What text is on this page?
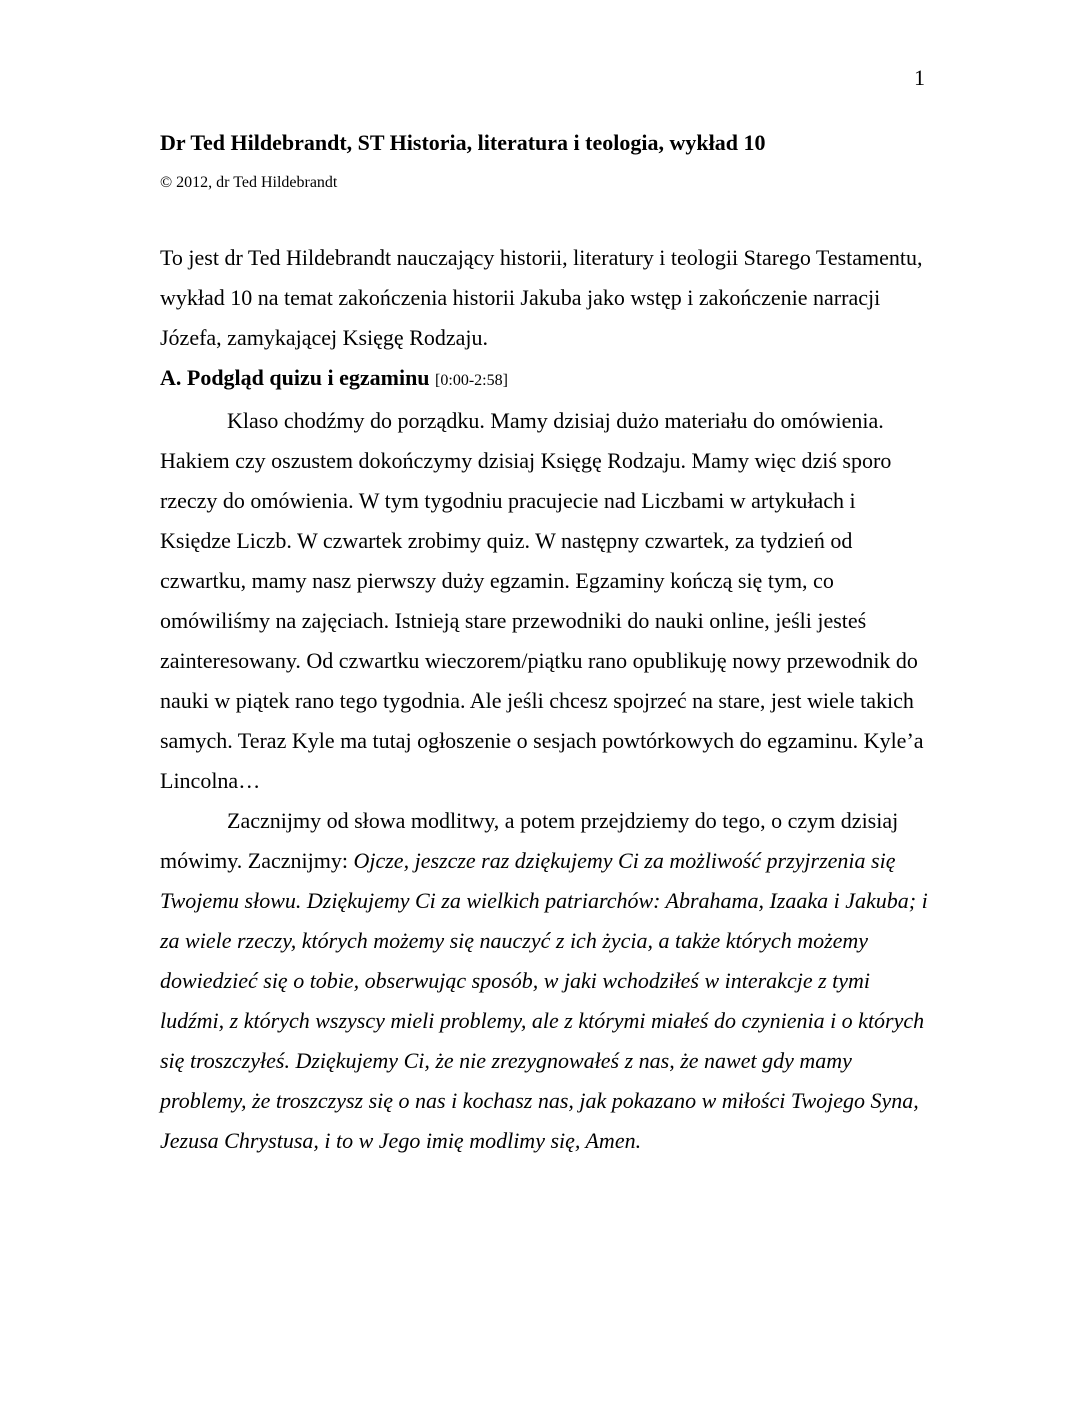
1
Dr Ted Hildebrandt, ST Historia, literatura i teologia, wykład 10
© 2012, dr Ted Hildebrandt

To jest dr Ted Hildebrandt nauczający historii, literatury i teologii Starego Testamentu, wykład 10 na temat zakończenia historii Jakuba jako wstęp i zakończenie narracji Józefa, zamykającej Księgę Rodzaju.

A. Podgląd quizu i egzaminu [0:00-2:58]

Klaso chodźmy do porządku. Mamy dzisiaj dużo materiału do omówienia. Hakiem czy oszustem dokończymy dzisiaj Księgę Rodzaju. Mamy więc dziś sporo rzeczy do omówienia. W tym tygodniu pracujecie nad Liczbami w artykułach i Księdze Liczb. W czwartek zrobimy quiz. W następny czwartek, za tydzień od czwartku, mamy nasz pierwszy duży egzamin. Egzaminy kończą się tym, co omówiliśmy na zajęciach. Istnieją stare przewodniki do nauki online, jeśli jesteś zainteresowany. Od czwartku wieczorem/piątku rano opublikuję nowy przewodnik do nauki w piątek rano tego tygodnia. Ale jeśli chcesz spojrzeć na stare, jest wiele takich samych. Teraz Kyle ma tutaj ogłoszenie o sesjach powtórkowych do egzaminu. Kyle’a Lincolna…

Zacznijmy od słowa modlitwy, a potem przejdziemy do tego, o czym dzisiaj mówimy. Zacznijmy: Ojcze, jeszcze raz dziękujemy Ci za możliwość przyjrzenia się Twojemu słowu. Dziękujemy Ci za wielkich patriarchów: Abrahama, Izaaka i Jakuba; i za wiele rzeczy, których możemy się nauczyć z ich życia, a także których możemy dowiedzieć się o tobie, obserwując sposób, w jaki wchodziłeś w interakcje z tymi ludźmi, z których wszyscy mieli problemy, ale z którymi miałeś do czynienia i o których się troszczyłeś. Dziękujemy Ci, że nie zrezygnowałeś z nas, że nawet gdy mamy problemy, że troszczysz się o nas i kochasz nas, jak pokazano w miłości Twojego Syna, Jezusa Chrystusa, i to w Jego imię modlimy się, Amen.
